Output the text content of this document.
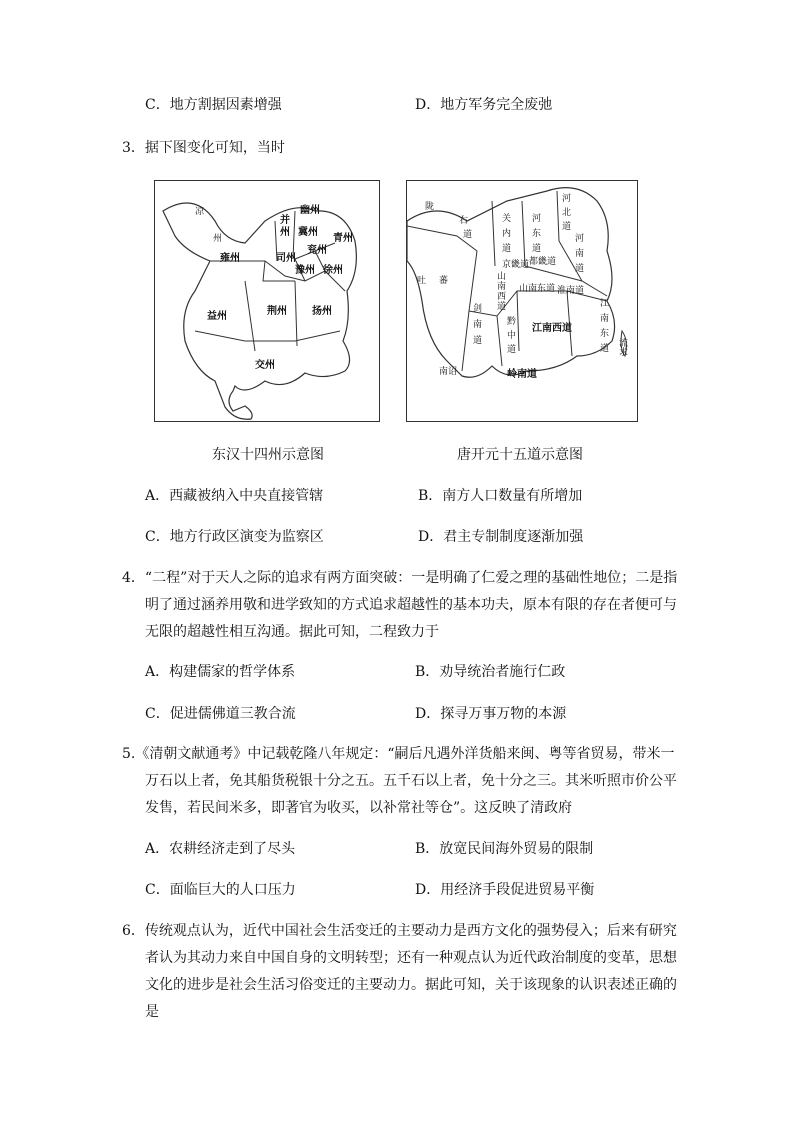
C．地方割据因素增强	D．地方军务完全废弛
3．据下图变化可知，当时
凉
州
幽州
并
州 冀州
青州
兖州
司州
雍州
豫州 徐州
益州	荆州	扬州
交州
陇
右
道
关
内
道
河
东
道
河
北
道
河
南
道
京畿道 都畿道
吐 蕃	山
南
西
道
山南东道 淮南道
剑
南
道
黔
中
道
江南西道
江
南
东
道 流
求
南诏	岭南道
东汉十四州示意图	唐开元十五道示意图
A．西藏被纳入中央直接管辖	B．南方人口数量有所增加
C．地方行政区演变为监察区	D．君主专制制度逐渐加强
4．“二程”对于天人之际的追求有两方面突破：一是明确了仁爱之理的基础性地位；二是指
明了通过涵养用敬和进学致知的方式追求超越性的基本功夫，原本有限的存在者便可与
无限的超越性相互沟通。据此可知，二程致力于
A．构建儒家的哲学体系	B．劝导统治者施行仁政
C．促进儒佛道三教合流	D．探寻万事万物的本源
5.《清朝文献通考》中记载乾隆八年规定：“嗣后凡遇外洋货船来闽、粤等省贸易，带米一
万石以上者，免其船货税银十分之五。五千石以上者，免十分之三。其米听照市价公平
发售，若民间米多，即著官为收买，以补常社等仓”。这反映了清政府
A．农耕经济走到了尽头	B．放宽民间海外贸易的限制
C．面临巨大的人口压力	D．用经济手段促进贸易平衡
6．传统观点认为，近代中国社会生活变迁的主要动力是西方文化的强势侵入；后来有研究
者认为其动力来自中国自身的文明转型；还有一种观点认为近代政治制度的变革，思想
文化的进步是社会生活习俗变迁的主要动力。据此可知，关于该现象的认识表述正确的
是
